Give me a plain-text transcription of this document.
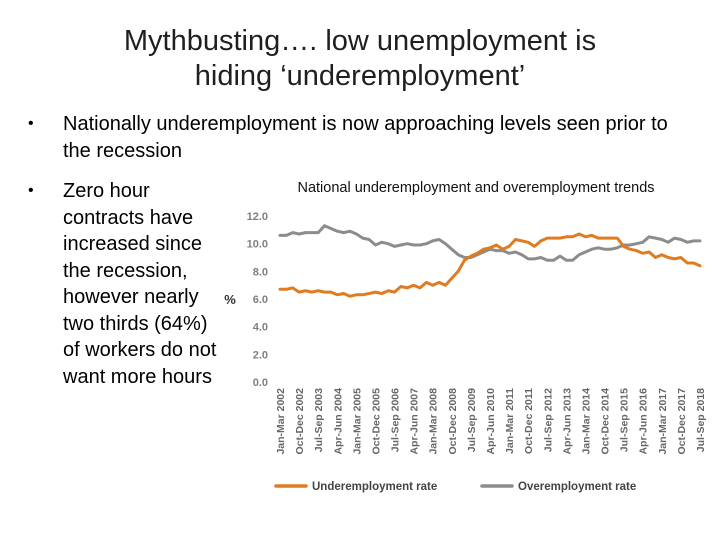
Mythbusting…. low unemployment is
hiding ‘underemployment’
• Nationally underemployment is now approaching levels seen prior to the recession
• Zero hour contracts have increased since the recession, however nearly two thirds (64%) of workers do not want more hours
National underemployment and overemployment trends
0.0
2.0
4.0
6.0
8.0
10.0
12.0
%
Jan-Mar 2002 Oct-Dec 2002 Jul-Sep 2003 Apr-Jun 2004 Jan-Mar 2005 Oct-Dec 2005 Jul-Sep 2006 Apr-Jun 2007 Jan-Mar 2008 Oct-Dec 2008 Jul-Sep 2009 Apr-Jun 2010 Jan-Mar 2011 Oct-Dec 2011 Jul-Sep 2012 Apr-Jun 2013 Jan-Mar 2014 Oct-Dec 2014 Jul-Sep 2015 Apr-Jun 2016 Jan-Mar 2017 Oct-Dec 2017 Jul-Sep 2018
Underemployment rate	Overemployment rate
